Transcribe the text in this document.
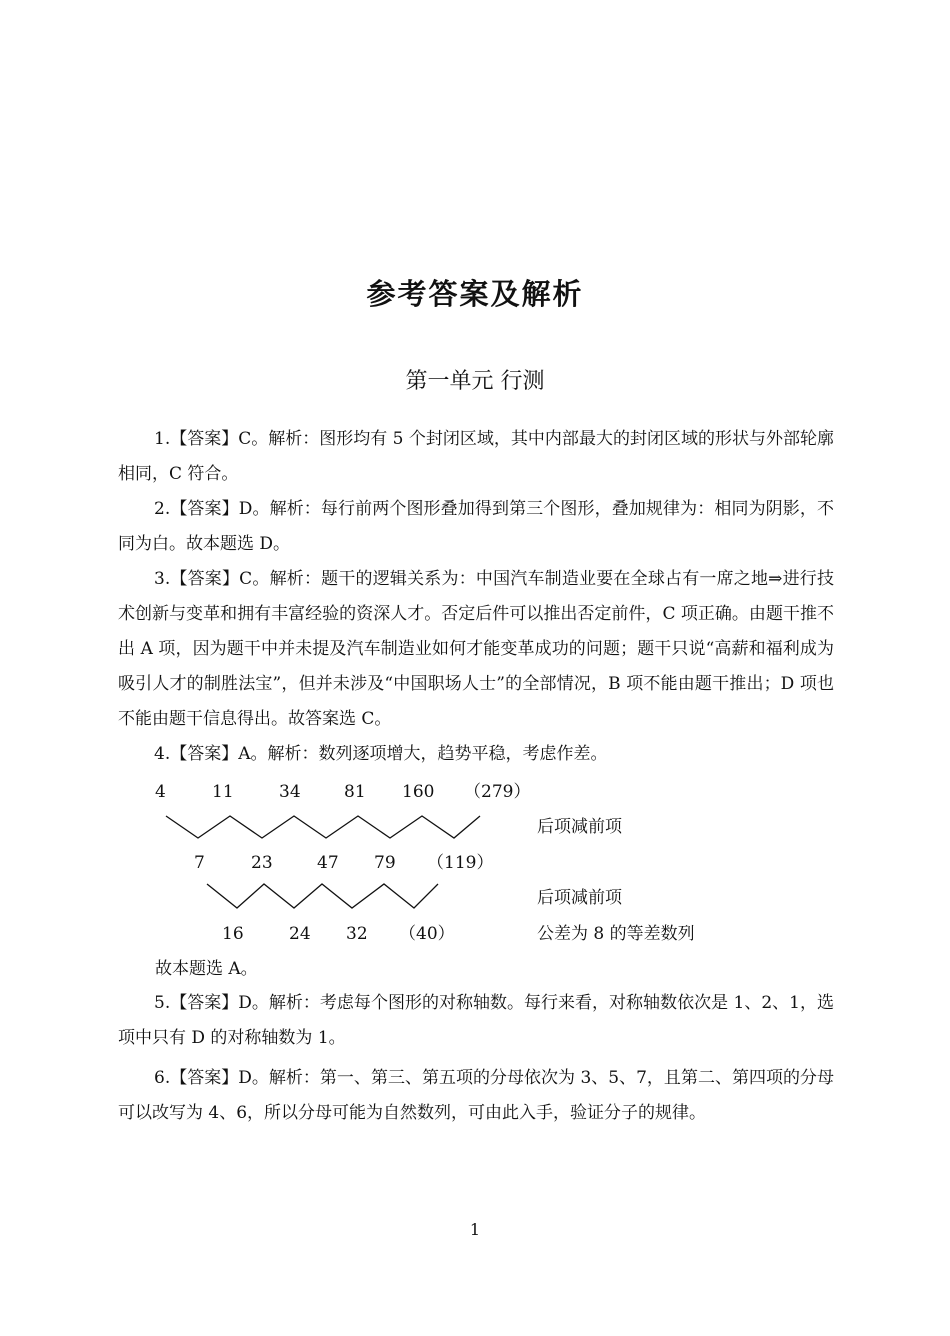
参考答案及解析
第一单元 行测
1.【答案】C。解析：图形均有 5 个封闭区域，其中内部最大的封闭区域的形状与外部轮廓相同，C 符合。
2.【答案】D。解析：每行前两个图形叠加得到第三个图形，叠加规律为：相同为阴影，不同为白。故本题选 D。
3.【答案】C。解析：题干的逻辑关系为：中国汽车制造业要在全球占有一席之地⇒进行技术创新与变革和拥有丰富经验的资深人才。否定后件可以推出否定前件，C 项正确。由题干推不出 A 项，因为题干中并未提及汽车制造业如何才能变革成功的问题；题干只说“高薪和福利成为吸引人才的制胜法宝”，但并未涉及“中国职场人士”的全部情况，B 项不能由题干推出；D 项也不能由题干信息得出。故答案选 C。
4.【答案】A。解析：数列逐项增大，趋势平稳，考虑作差。
4	11	34	81 160 （279）
后项减前项
7	23	47 79 （119）
后项减前项
16	24 32 （40）	公差为 8 的等差数列
故本题选 A。
5.【答案】D。解析：考虑每个图形的对称轴数。每行来看，对称轴数依次是 1、2、1，选项中只有 D 的对称轴数为 1。
6.【答案】D。解析：第一、第三、第五项的分母依次为 3、5、7，且第二、第四项的分母可以改写为 4、6，所以分母可能为自然数列，可由此入手，验证分子的规律。
1
